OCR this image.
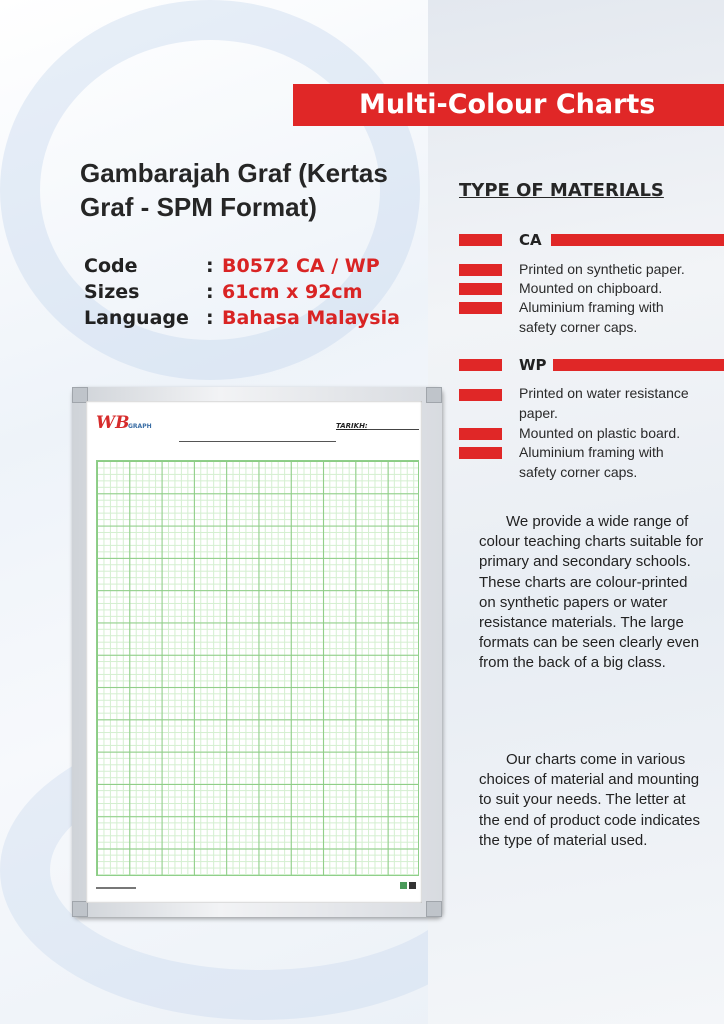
Multi-Colour Charts
Gambarajah Graf (Kertas Graf - SPM Format)
Code	: B0572 CA / WP
Sizes	: 61cm x 92cm
Language : Bahasa Malaysia
WB
GRAPH	TARIKH:
TYPE OF MATERIALS
CA
Printed on synthetic paper.
Mounted on chipboard.
Aluminium framing with safety corner caps.
WP
Printed on water resistance paper.
Mounted on plastic board.
Aluminium framing with safety corner caps.
We provide a wide range of colour teaching charts suitable for primary and secondary schools. These charts are colour-printed on synthetic papers or water resistance materials. The large formats can be seen clearly even from the back of a big class.
Our charts come in various choices of material and mounting to suit your needs. The letter at the end of product code indicates the type of material used.
